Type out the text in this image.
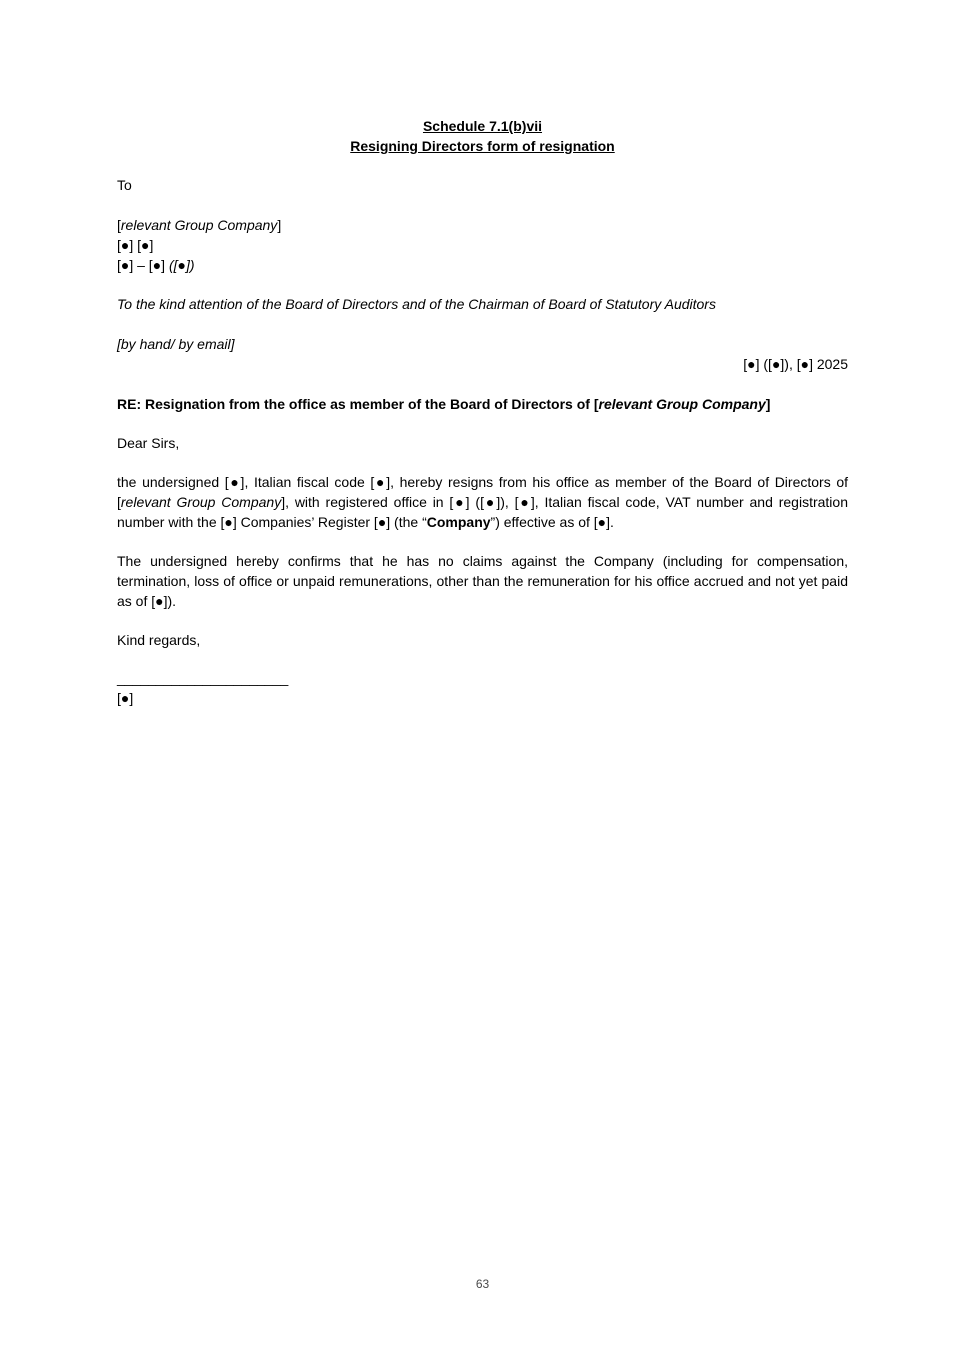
Schedule 7.1(b)vii
Resigning Directors form of resignation

To

[relevant Group Company]
[●] [●]
[●] – [●] ([●])

To the kind attention of the Board of Directors and of the Chairman of Board of Statutory Auditors

[by hand/ by email]

[●] ([●]), [●] 2025

RE: Resignation from the office as member of the Board of Directors of [relevant Group Company]

Dear Sirs,

the undersigned [●], Italian fiscal code [●], hereby resigns from his office as member of the Board of Directors of [relevant Group Company], with registered office in [●] ([●]), [●], Italian fiscal code, VAT number and registration number with the [●] Companies’ Register [●] (the “Company”) effective as of [●].

The undersigned hereby confirms that he has no claims against the Company (including for compensation, termination, loss of office or unpaid remunerations, other than the remuneration for his office accrued and not yet paid as of [●]).

Kind regards,

______________________

[●]

63
